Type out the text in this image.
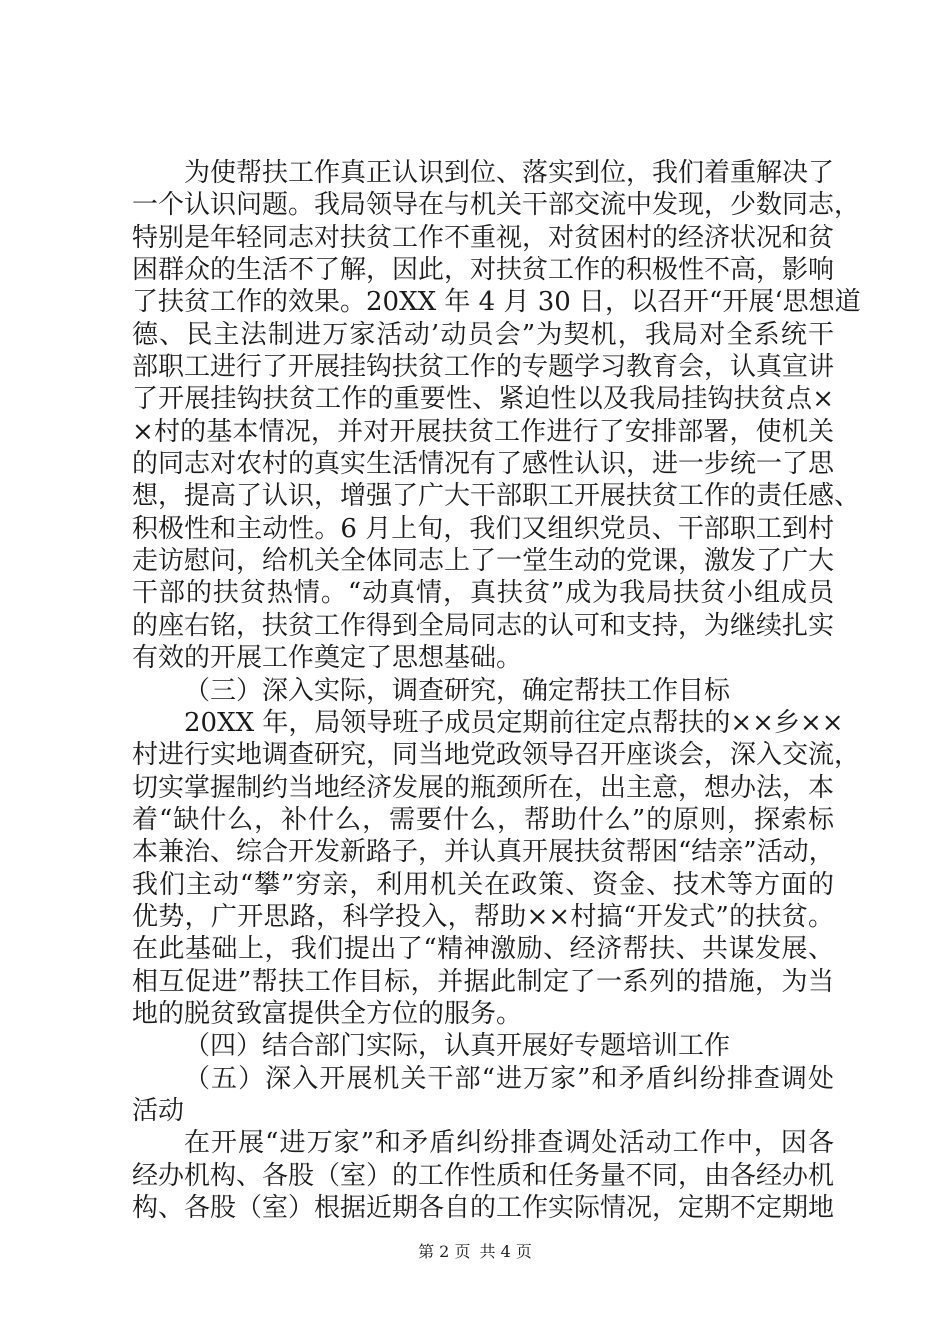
为使帮扶工作真正认识到位、落实到位，我们着重解决了
一个认识问题。我局领导在与机关干部交流中发现，少数同志，
特别是年轻同志对扶贫工作不重视，对贫困村的经济状况和贫
困群众的生活不了解，因此，对扶贫工作的积极性不高，影响
了扶贫工作的效果。20XX 年 4 月 30 日，以召开“开展‘思想道
德、民主法制进万家活动’动员会”为契机，我局对全系统干
部职工进行了开展挂钩扶贫工作的专题学习教育会，认真宣讲
了开展挂钩扶贫工作的重要性、紧迫性以及我局挂钩扶贫点×
×村的基本情况，并对开展扶贫工作进行了安排部署，使机关
的同志对农村的真实生活情况有了感性认识，进一步统一了思
想，提高了认识，增强了广大干部职工开展扶贫工作的责任感、
积极性和主动性。6 月上旬，我们又组织党员、干部职工到村
走访慰问，给机关全体同志上了一堂生动的党课，激发了广大
干部的扶贫热情。“动真情，真扶贫”成为我局扶贫小组成员
的座右铭，扶贫工作得到全局同志的认可和支持，为继续扎实
有效的开展工作奠定了思想基础。
（三）深入实际，调查研究，确定帮扶工作目标
20XX 年，局领导班子成员定期前往定点帮扶的××乡××
村进行实地调查研究，同当地党政领导召开座谈会，深入交流，
切实掌握制约当地经济发展的瓶颈所在，出主意，想办法，本
着“缺什么，补什么，需要什么，帮助什么”的原则，探索标
本兼治、综合开发新路子，并认真开展扶贫帮困“结亲”活动，
我们主动“攀”穷亲，利用机关在政策、资金、技术等方面的
优势，广开思路，科学投入，帮助××村搞“开发式”的扶贫。
在此基础上，我们提出了“精神激励、经济帮扶、共谋发展、
相互促进”帮扶工作目标，并据此制定了一系列的措施，为当
地的脱贫致富提供全方位的服务。
（四）结合部门实际，认真开展好专题培训工作
（五）深入开展机关干部“进万家”和矛盾纠纷排查调处
活动
在开展“进万家”和矛盾纠纷排查调处活动工作中，因各
经办机构、各股（室）的工作性质和任务量不同，由各经办机
构、各股（室）根据近期各自的工作实际情况，定期不定期地
第 2 页 共 4 页
